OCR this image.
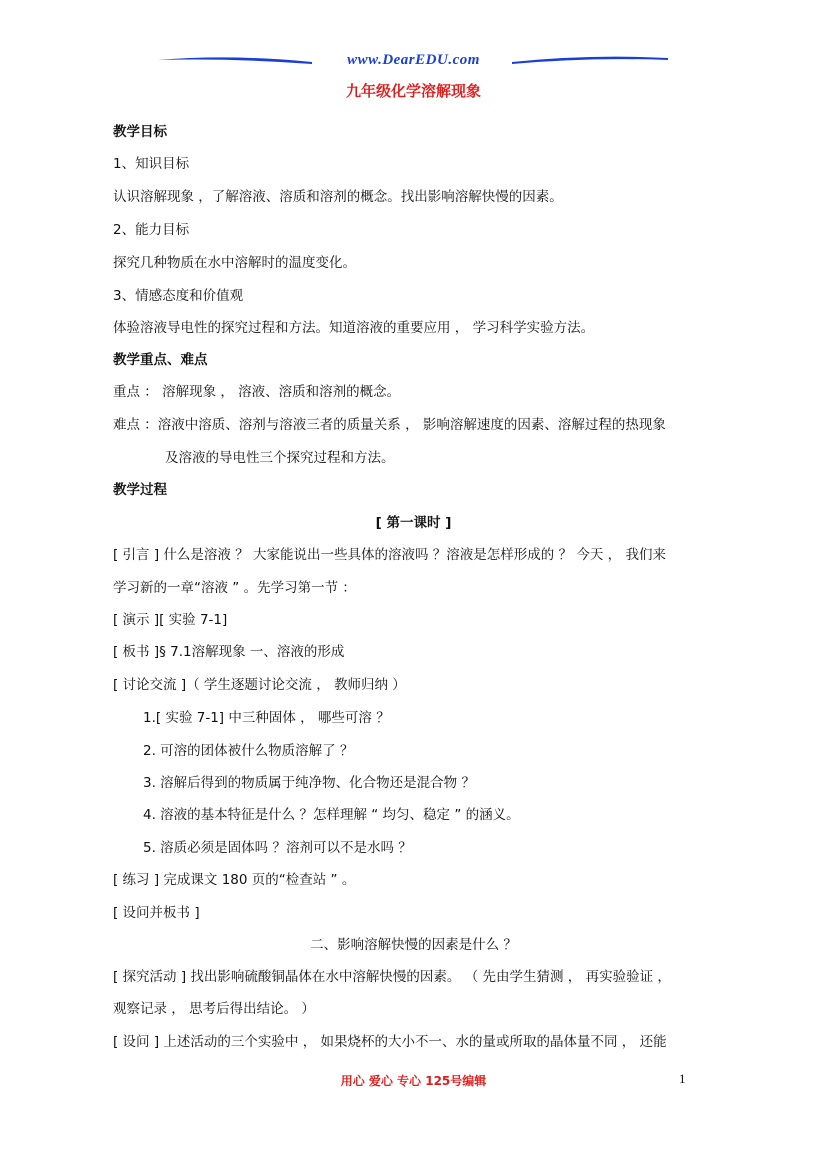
www.DearEDU.com
九年级化学溶解现象
教学目标
1、知识目标
认识溶解现象 ，了解溶液、溶质和溶剂的概念。找出影响溶解快慢的因素。
2、能力目标
探究几种物质在水中溶解时的温度变化。
3、情感态度和价值观
体验溶液导电性的探究过程和方法。知道溶液的重要应用 ， 学习科学实验方法。
教学重点、难点
重点 ： 溶解现象 ， 溶液、溶质和溶剂的概念。
难点 ：溶液中溶质、溶剂与溶液三者的质量关系 ， 影响溶解速度的因素、溶解过程的热现象
及溶液的导电性三个探究过程和方法。
教学过程
[ 第一课时 ]
[ 引言 ] 什么是溶液 ？ 大家能说出一些具体的溶液吗 ？溶液是怎样形成的 ？ 今天 ， 我们来
学习新的一章“溶液 ” 。先学习第一节 ：
[ 演示 ][ 实验 7-1]
[ 板书 ]§ 7.1溶解现象 一、溶液的形成
[ 讨论交流 ]（ 学生逐题讨论交流 ， 教师归纳 ）
1.[ 实验 7-1] 中三种固体 ， 哪些可溶 ？
2. 可溶的团体被什么物质溶解了 ？
3. 溶解后得到的物质属于纯净物、化合物还是混合物 ？
4. 溶液的基本特征是什么 ？怎样理解 “ 均匀、稳定 ” 的涵义。
5. 溶质必须是固体吗 ？溶剂可以不是水吗 ？
[ 练习 ] 完成课文 180 页的“检查站 ” 。
[ 设问并板书 ]
二、影响溶解快慢的因素是什么 ？
[ 探究活动 ] 找出影响硫酸铜晶体在水中溶解快慢的因素。 （ 先由学生猜测 ， 再实验验证 ，
观察记录 ， 思考后得出结论。 ）
[ 设问 ] 上述活动的三个实验中 ， 如果烧杯的大小不一、水的量或所取的晶体量不同 ， 还能
用心 爱心 专心 125号编辑	1
